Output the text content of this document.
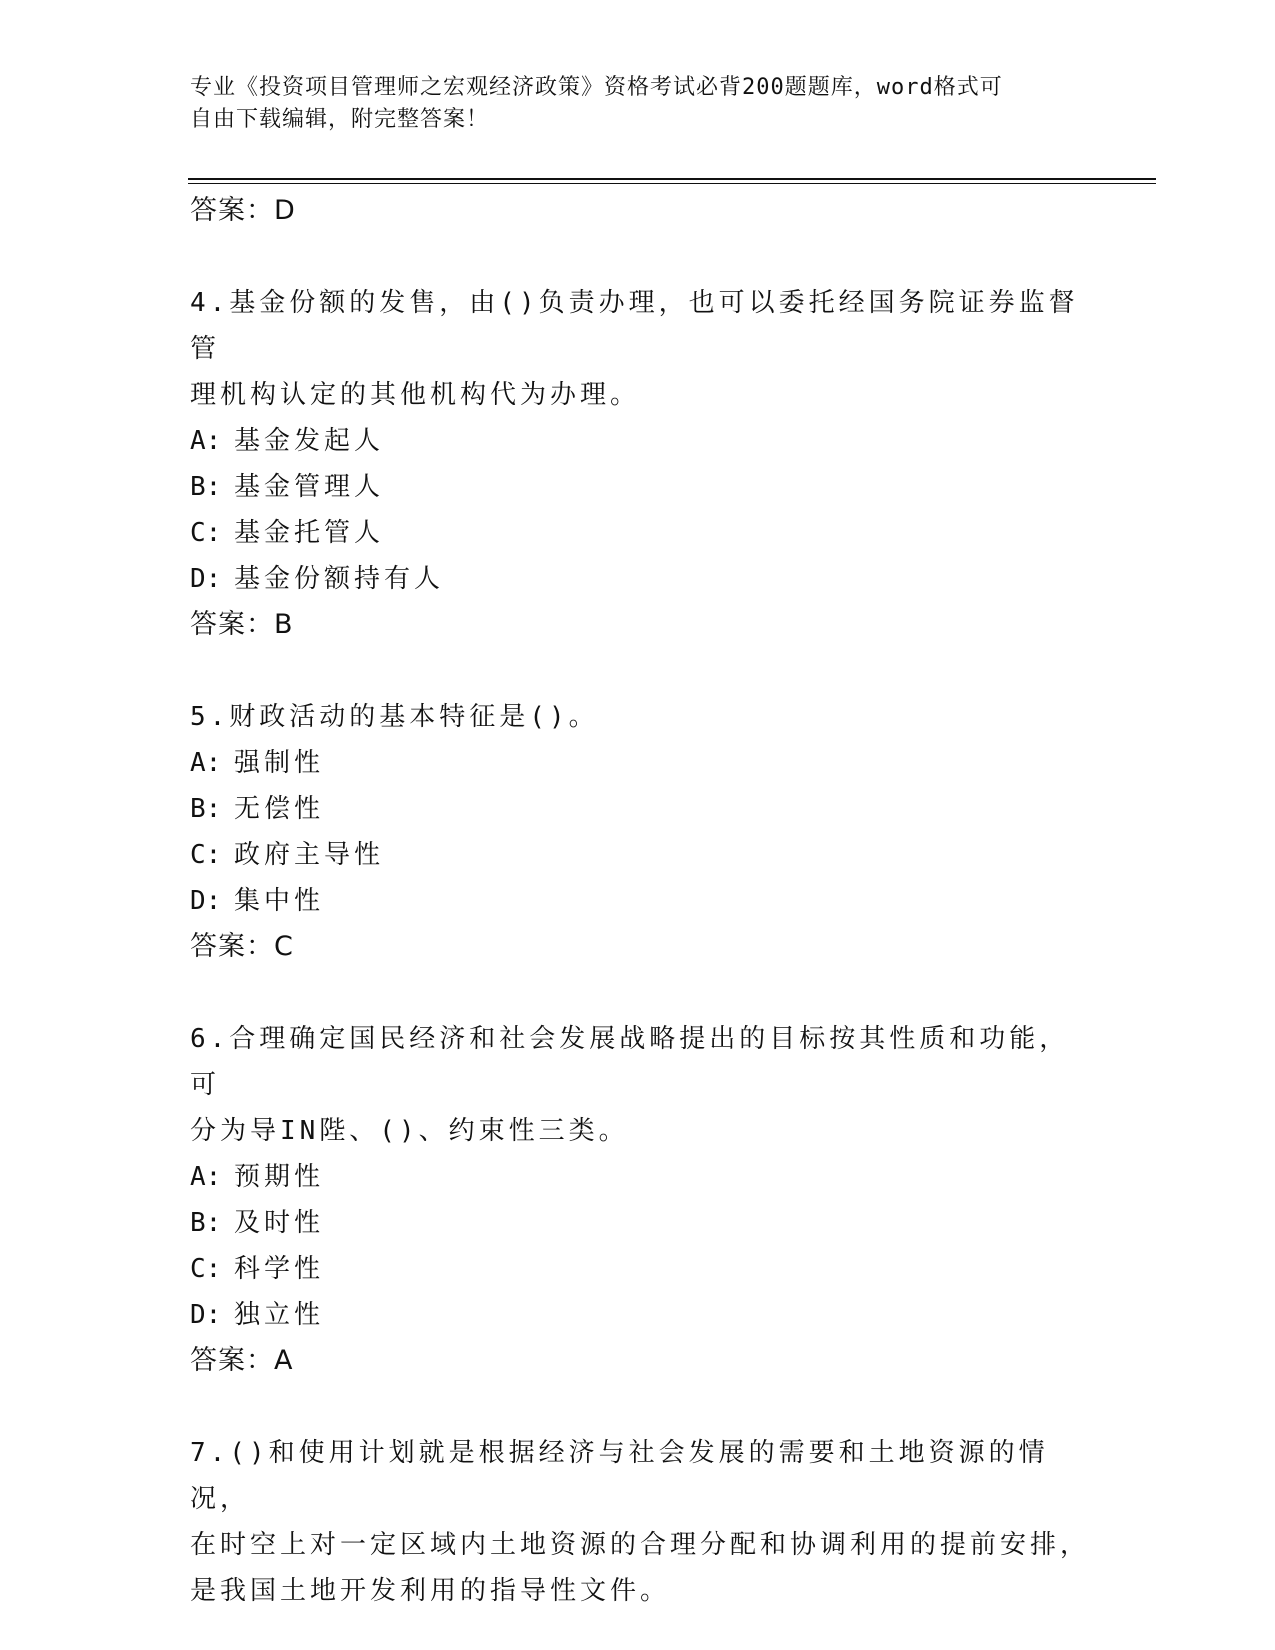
专业《投资项目管理师之宏观经济政策》资格考试必背200题题库，word格式可
自由下载编辑，附完整答案！

答案：D

4.基金份额的发售，由()负责办理，也可以委托经国务院证券监督管

理机构认定的其他机构代为办理。

A: 基金发起人

B: 基金管理人

C: 基金托管人

D: 基金份额持有人

答案：B

5.财政活动的基本特征是()。

A: 强制性

B: 无偿性

C: 政府主导性

D: 集中性

答案：C

6.合理确定国民经济和社会发展战略提出的目标按其性质和功能，可

分为导IN陛、()、约束性三类。

A: 预期性

B: 及时性

C: 科学性

D: 独立性

答案：A

7.()和使用计划就是根据经济与社会发展的需要和土地资源的情况，

在时空上对一定区域内土地资源的合理分配和协调利用的提前安排，

是我国土地开发利用的指导性文件。
